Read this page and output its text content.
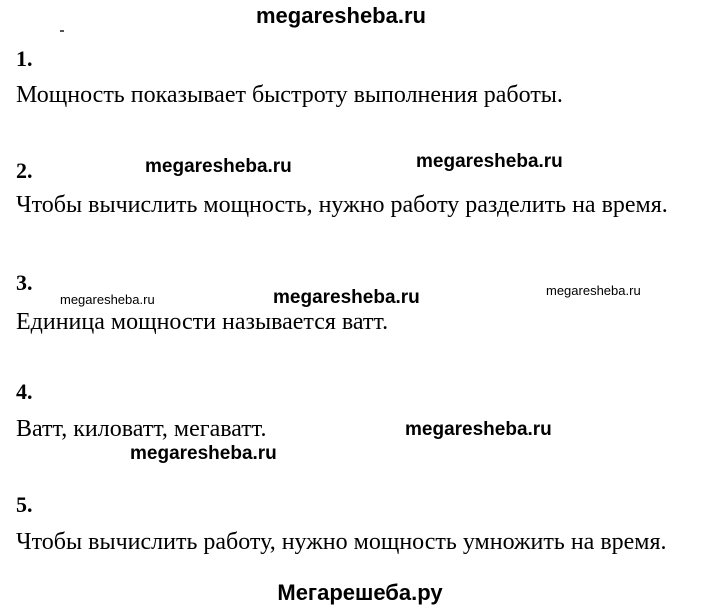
megaresheba.ru
1.
Мощность показывает быстроту выполнения работы.
2.	megaresheba.ru	megaresheba.ru
Чтобы вычислить мощность, нужно работу разделить на время.
3.
megaresheba.ru	megaresheba.ru	megaresheba.ru
Единица мощности называется ватт.
4.
Ватт, киловатт, мегаватт.	megaresheba.ru
megaresheba.ru
5.
Чтобы вычислить работу, нужно мощность умножить на время.
Мегарешеба.ру
